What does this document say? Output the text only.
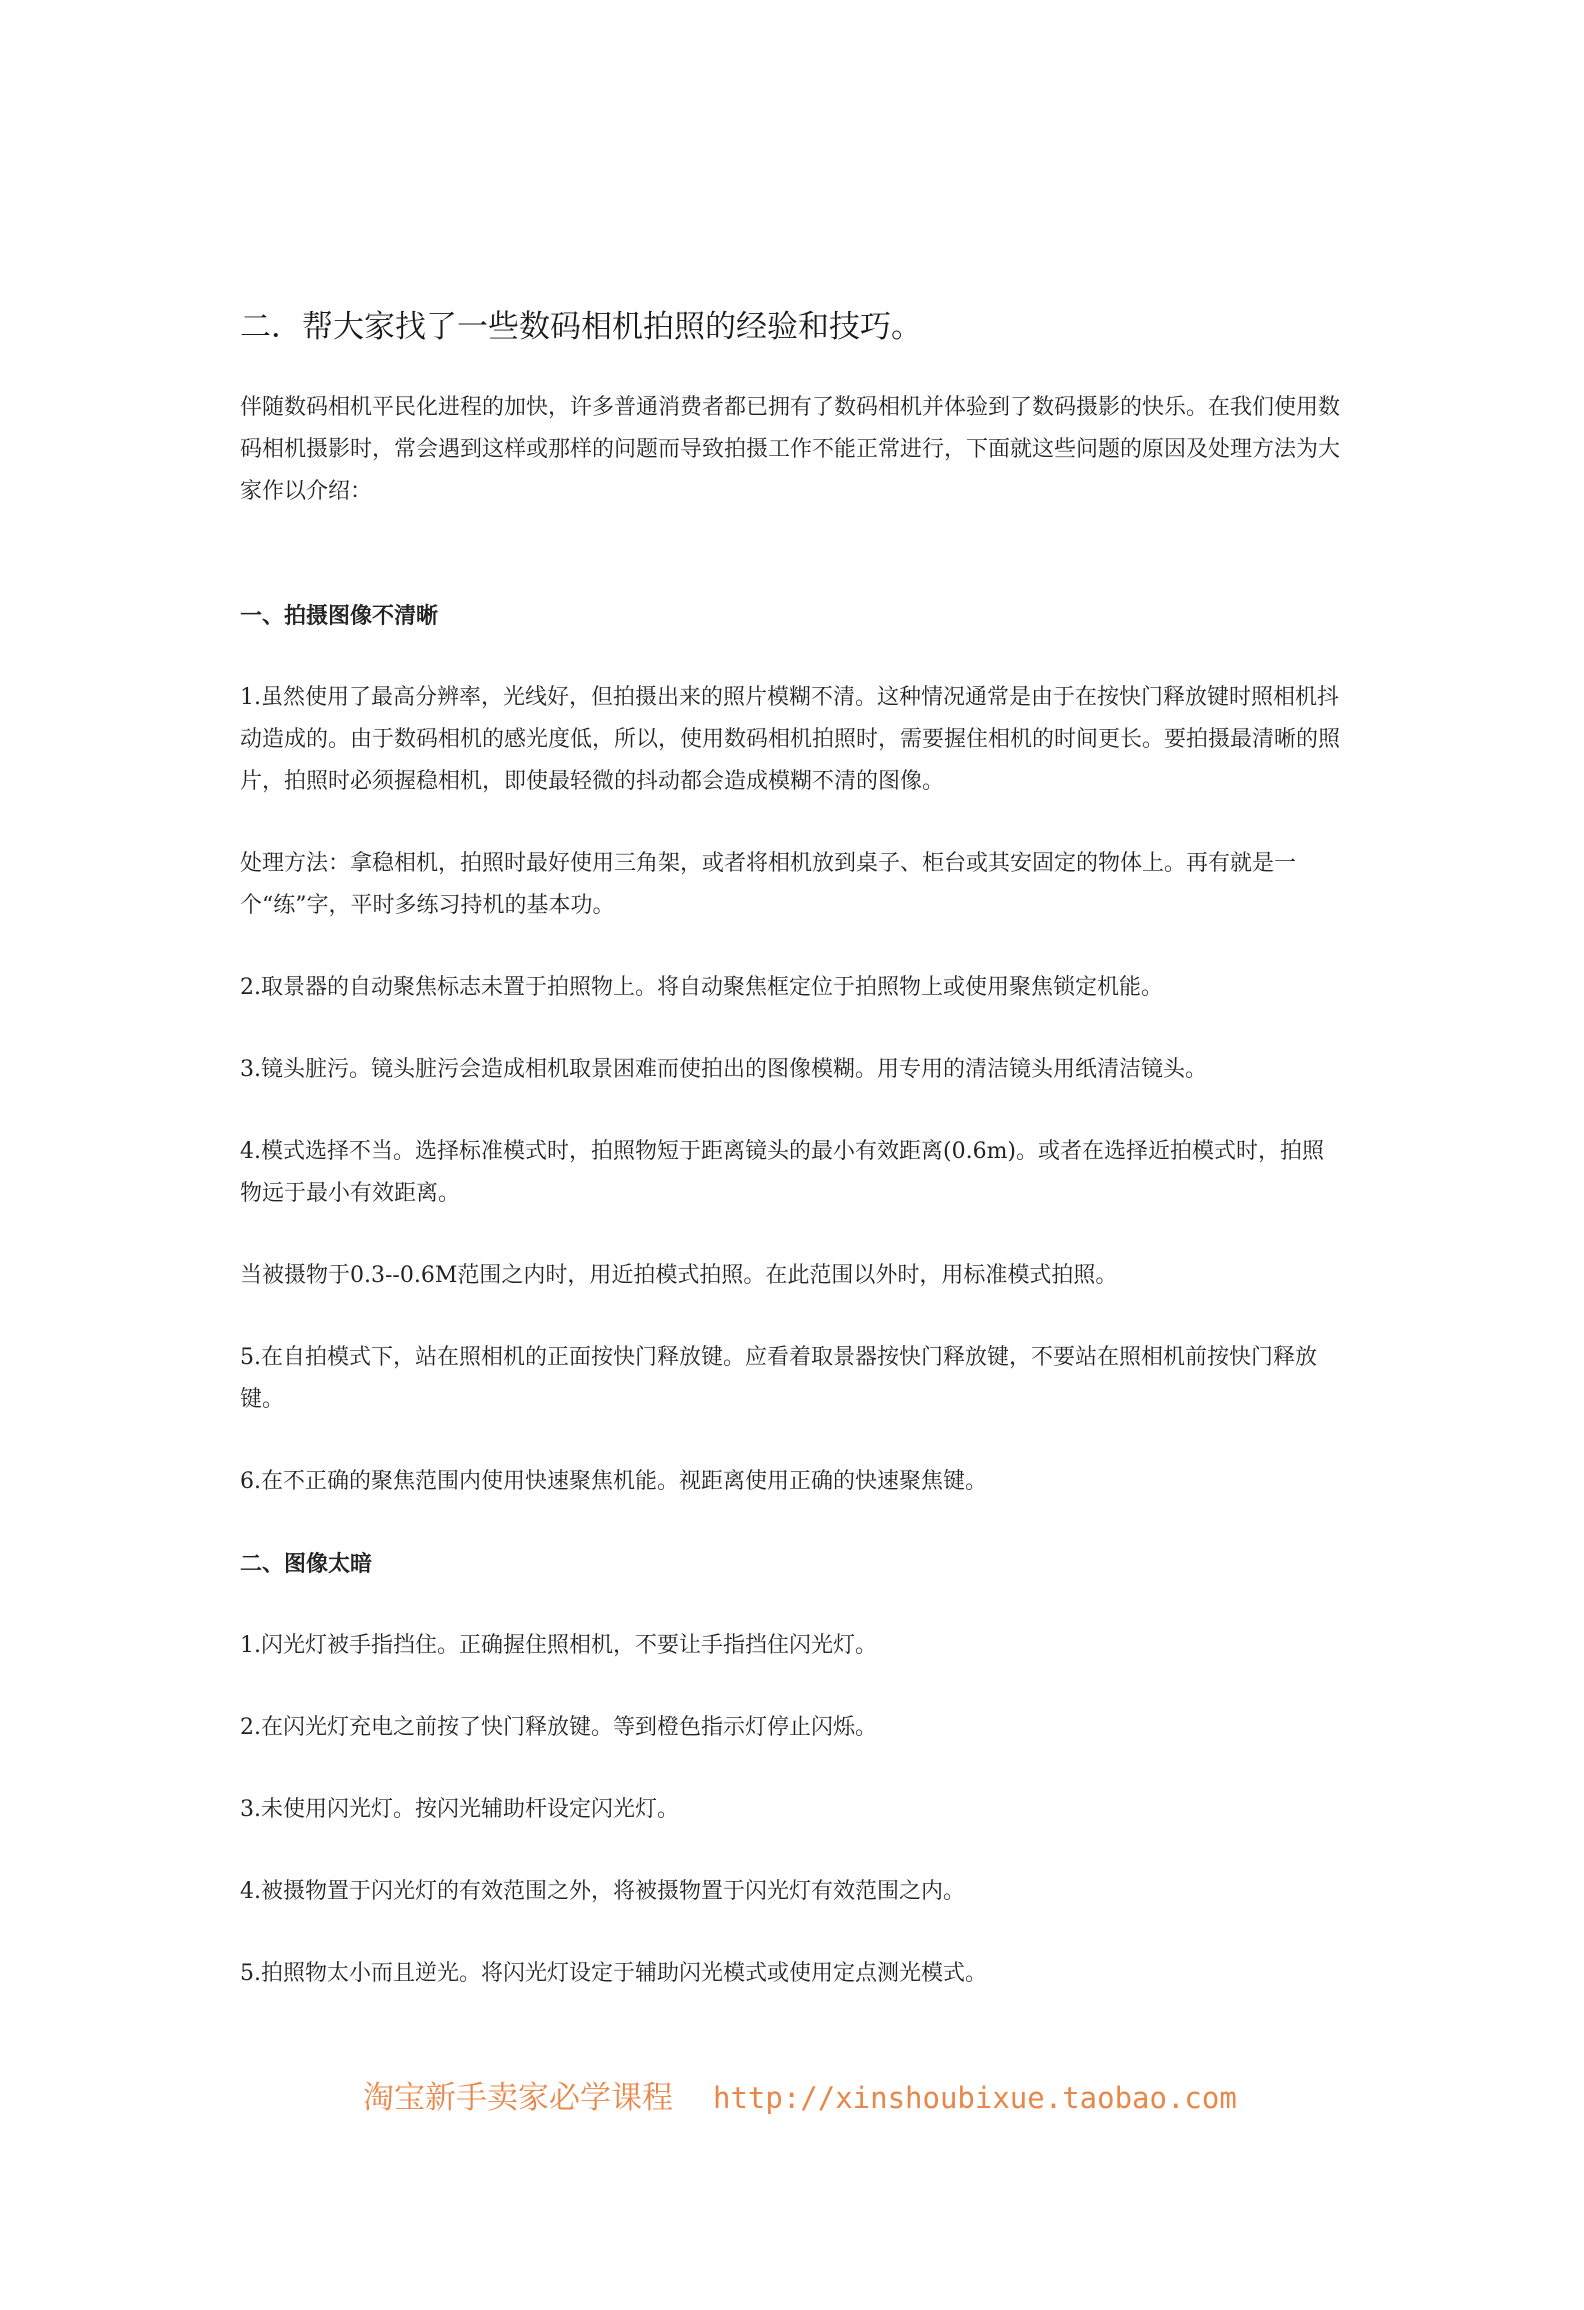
二．帮大家找了一些数码相机拍照的经验和技巧。

伴随数码相机平民化进程的加快，许多普通消费者都已拥有了数码相机并体验到了数码摄影的快乐。在我们使用数码相机摄影时，常会遇到这样或那样的问题而导致拍摄工作不能正常进行，下面就这些问题的原因及处理方法为大家作以介绍：

一、拍摄图像不清晰

1.虽然使用了最高分辨率，光线好，但拍摄出来的照片模糊不清。这种情况通常是由于在按快门释放键时照相机抖动造成的。由于数码相机的感光度低，所以，使用数码相机拍照时，需要握住相机的时间更长。要拍摄最清晰的照片，拍照时必须握稳相机，即使最轻微的抖动都会造成模糊不清的图像。

处理方法：拿稳相机，拍照时最好使用三角架，或者将相机放到桌子、柜台或其安固定的物体上。再有就是一个“练”字，平时多练习持机的基本功。

2.取景器的自动聚焦标志未置于拍照物上。将自动聚焦框定位于拍照物上或使用聚焦锁定机能。

3.镜头脏污。镜头脏污会造成相机取景困难而使拍出的图像模糊。用专用的清洁镜头用纸清洁镜头。

4.模式选择不当。选择标准模式时，拍照物短于距离镜头的最小有效距离(0.6m)。或者在选择近拍模式时，拍照物远于最小有效距离。

当被摄物于0.3--0.6M范围之内时，用近拍模式拍照。在此范围以外时，用标准模式拍照。

5.在自拍模式下，站在照相机的正面按快门释放键。应看着取景器按快门释放键，不要站在照相机前按快门释放键。

6.在不正确的聚焦范围内使用快速聚焦机能。视距离使用正确的快速聚焦键。

二、图像太暗

1.闪光灯被手指挡住。正确握住照相机，不要让手指挡住闪光灯。

2.在闪光灯充电之前按了快门释放键。等到橙色指示灯停止闪烁。

3.未使用闪光灯。按闪光辅助杆设定闪光灯。

4.被摄物置于闪光灯的有效范围之外，将被摄物置于闪光灯有效范围之内。

5.拍照物太小而且逆光。将闪光灯设定于辅助闪光模式或使用定点测光模式。

淘宝新手卖家必学课程 http://xinshoubixue.taobao.com
